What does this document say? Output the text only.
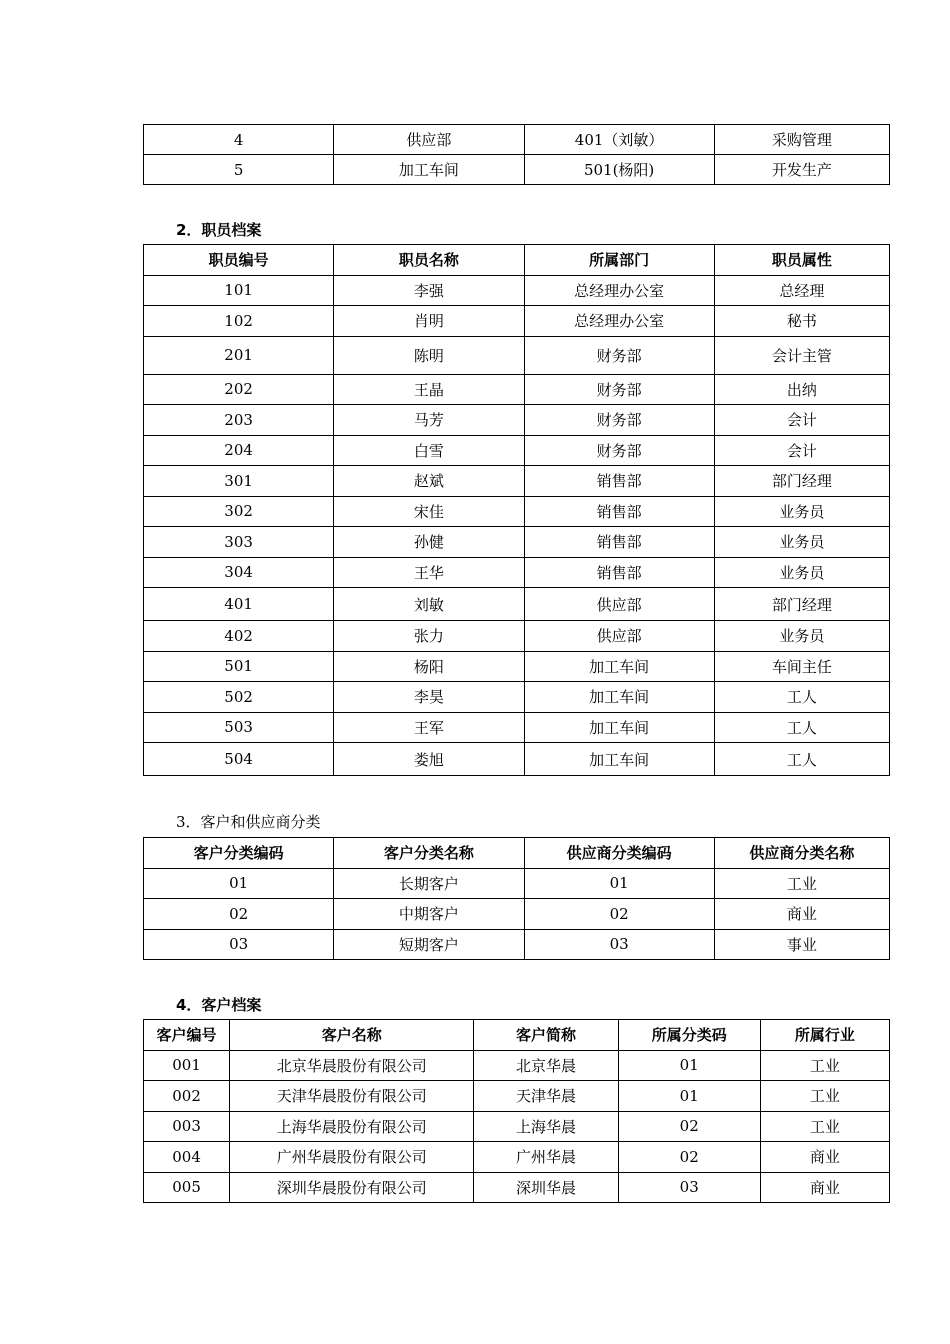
4	供应部	401（刘敏）	采购管理
5	加工车间	501(杨阳)	开发生产
2．职员档案
职员编号	职员名称	所属部门	职员属性
101	李强	总经理办公室	总经理
102	肖明	总经理办公室	秘书
201	陈明	财务部	会计主管
202	王晶	财务部	出纳
203	马芳	财务部	会计
204	白雪	财务部	会计
301	赵斌	销售部	部门经理
302	宋佳	销售部	业务员
303	孙健	销售部	业务员
304	王华	销售部	业务员
401	刘敏	供应部	部门经理
402	张力	供应部	业务员
501	杨阳	加工车间	车间主任
502	李昊	加工车间	工人
503	王军	加工车间	工人
504	娄旭	加工车间	工人
3．客户和供应商分类
客户分类编码	客户分类名称	供应商分类编码	供应商分类名称
01	长期客户	01	工业
02	中期客户	02	商业
03	短期客户	03	事业
4．客户档案
客户编号	客户名称	客户简称	所属分类码	所属行业
001	北京华晨股份有限公司	北京华晨	01	工业
002	天津华晨股份有限公司	天津华晨	01	工业
003	上海华晨股份有限公司	上海华晨	02	工业
004	广州华晨股份有限公司	广州华晨	02	商业
005	深圳华晨股份有限公司	深圳华晨	03	商业
